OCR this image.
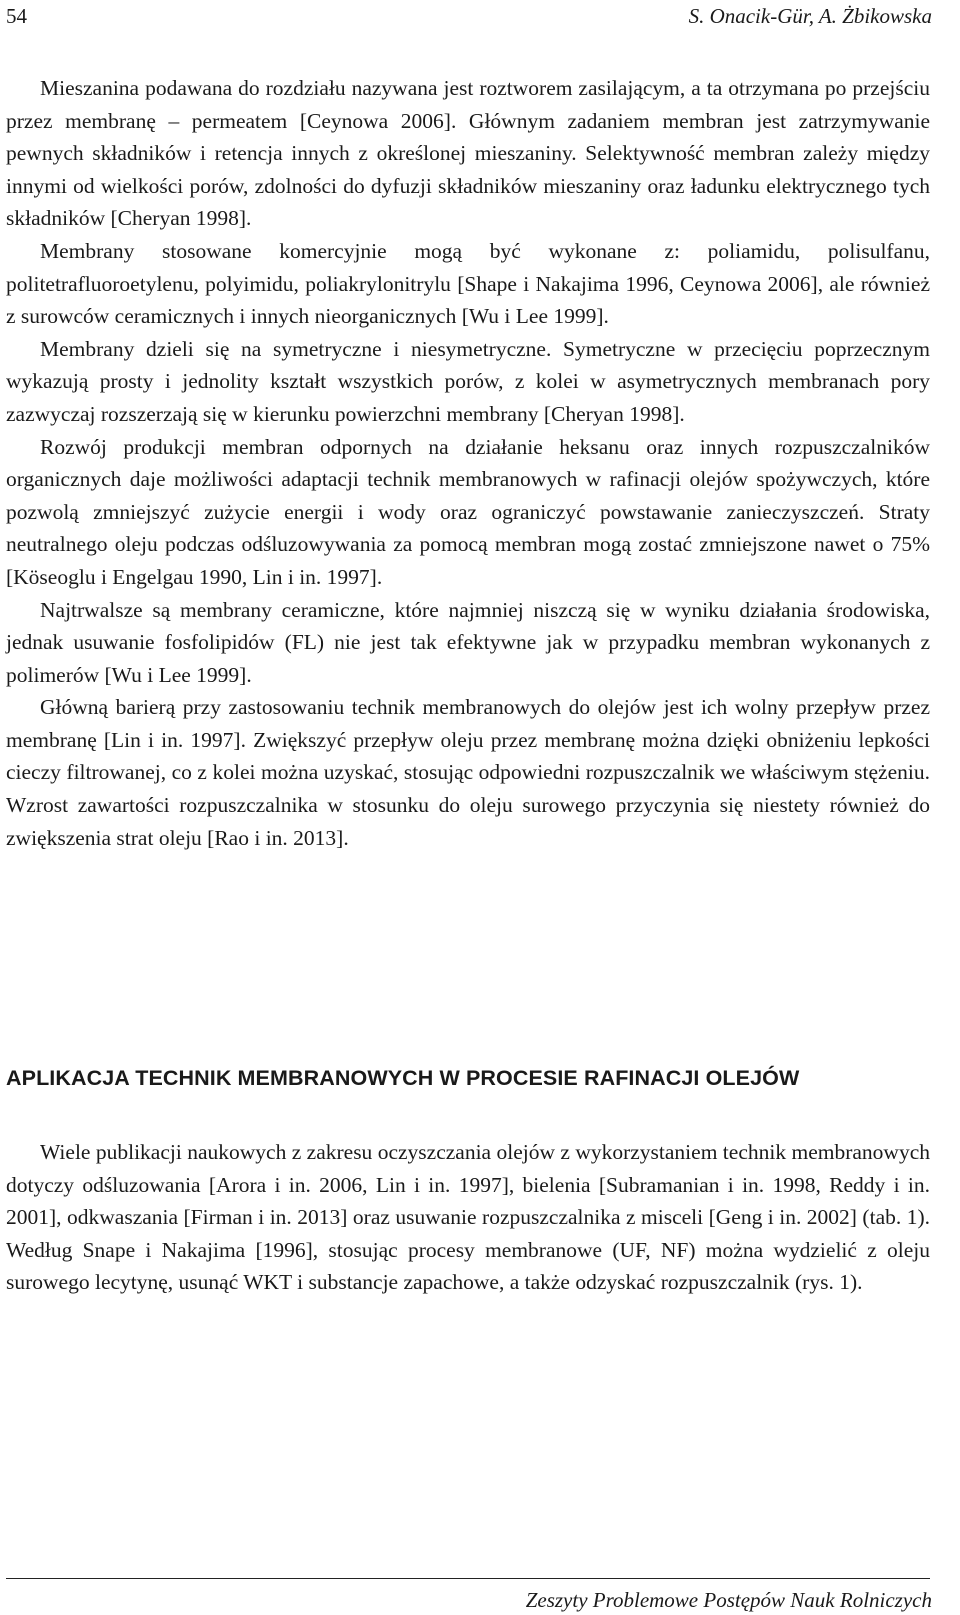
54	S. Onacik-Gür, A. Żbikowska

Mieszanina podawana do rozdziału nazywana jest roztworem zasilającym, a ta otrzymana po przejściu przez membranę – permeatem [Ceynowa 2006]. Głównym zadaniem membran jest zatrzymywanie pewnych składników i retencja innych z określonej mieszaniny. Selektywność membran zależy między innymi od wielkości porów, zdolności do dyfuzji składników mieszaniny oraz ładunku elektrycznego tych składników [Cheryan 1998].

Membrany stosowane komercyjnie mogą być wykonane z: poliamidu, polisulfanu, politetrafluoroetylenu, polyimidu, poliakrylonitrylu [Shape i Nakajima 1996, Ceynowa 2006], ale również z surowców ceramicznych i innych nieorganicznych [Wu i Lee 1999].

Membrany dzieli się na symetryczne i niesymetryczne. Symetryczne w przecięciu poprzecznym wykazują prosty i jednolity kształt wszystkich porów, z kolei w asymetrycznych membranach pory zazwyczaj rozszerzają się w kierunku powierzchni membrany [Cheryan 1998].

Rozwój produkcji membran odpornych na działanie heksanu oraz innych rozpuszczalników organicznych daje możliwości adaptacji technik membranowych w rafinacji olejów spożywczych, które pozwolą zmniejszyć zużycie energii i wody oraz ograniczyć powstawanie zanieczyszczeń. Straty neutralnego oleju podczas odśluzowywania za pomocą membran mogą zostać zmniejszone nawet o 75% [Köseoglu i Engelgau 1990, Lin i in. 1997].

Najtrwalsze są membrany ceramiczne, które najmniej niszczą się w wyniku działania środowiska, jednak usuwanie fosfolipidów (FL) nie jest tak efektywne jak w przypadku membran wykonanych z polimerów [Wu i Lee 1999].

Główną barierą przy zastosowaniu technik membranowych do olejów jest ich wolny przepływ przez membranę [Lin i in. 1997]. Zwiększyć przepływ oleju przez membranę można dzięki obniżeniu lepkości cieczy filtrowanej, co z kolei można uzyskać, stosując odpowiedni rozpuszczalnik we właściwym stężeniu. Wzrost zawartości rozpuszczalnika w stosunku do oleju surowego przyczynia się niestety również do zwiększenia strat oleju [Rao i in. 2013].

APLIKACJA TECHNIK MEMBRANOWYCH W PROCESIE RAFINACJI OLEJÓW

Wiele publikacji naukowych z zakresu oczyszczania olejów z wykorzystaniem technik membranowych dotyczy odśluzowania [Arora i in. 2006, Lin i in. 1997], bielenia [Subramanian i in. 1998, Reddy i in. 2001], odkwaszania [Firman i in. 2013] oraz usuwanie rozpuszczalnika z misceli [Geng i in. 2002] (tab. 1). Według Snape i Nakajima [1996], stosując procesy membranowe (UF, NF) można wydzielić z oleju surowego lecytynę, usunąć WKT i substancje zapachowe, a także odzyskać rozpuszczalnik (rys. 1).

Zeszyty Problemowe Postępów Nauk Rolniczych
